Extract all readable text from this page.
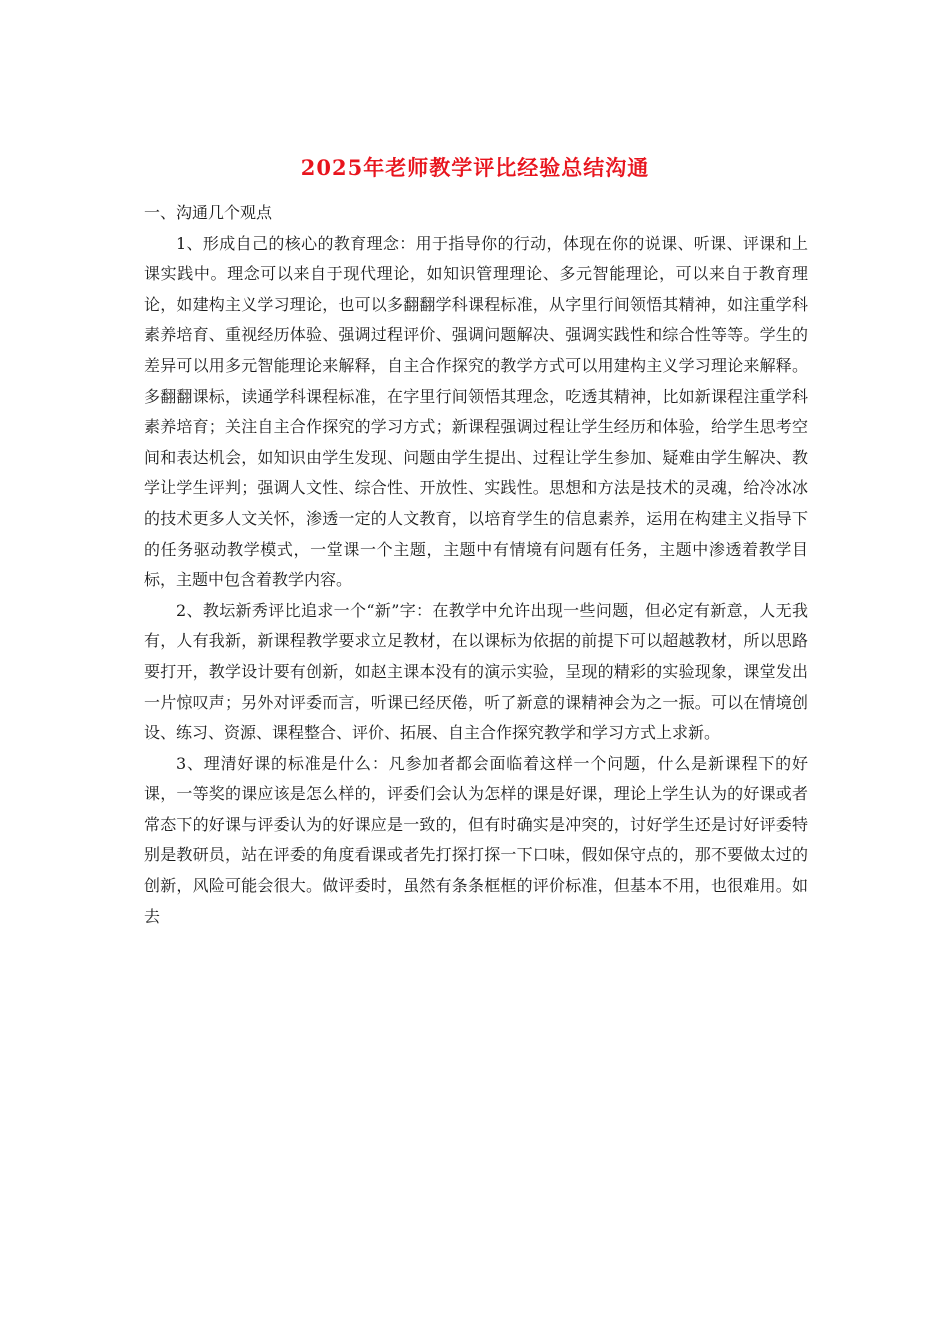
2025年老师教学评比经验总结沟通

一、沟通几个观点

1、形成自己的核心的教育理念：用于指导你的行动，体现在你的说课、听课、评课和上课实践中。理念可以来自于现代理论，如知识管理理论、多元智能理论，可以来自于教育理论，如建构主义学习理论，也可以多翻翻学科课程标准，从字里行间领悟其精神，如注重学科素养培育、重视经历体验、强调过程评价、强调问题解决、强调实践性和综合性等等。学生的差异可以用多元智能理论来解释，自主合作探究的教学方式可以用建构主义学习理论来解释。多翻翻课标，读通学科课程标准，在字里行间领悟其理念，吃透其精神，比如新课程注重学科素养培育；关注自主合作探究的学习方式；新课程强调过程让学生经历和体验，给学生思考空间和表达机会，如知识由学生发现、问题由学生提出、过程让学生参加、疑难由学生解决、教学让学生评判；强调人文性、综合性、开放性、实践性。思想和方法是技术的灵魂，给冷冰冰的技术更多人文关怀，渗透一定的人文教育，以培育学生的信息素养，运用在构建主义指导下的任务驱动教学模式，一堂课一个主题，主题中有情境有问题有任务，主题中渗透着教学目标，主题中包含着教学内容。

2、教坛新秀评比追求一个“新”字：在教学中允许出现一些问题，但必定有新意，人无我有，人有我新，新课程教学要求立足教材，在以课标为依据的前提下可以超越教材，所以思路要打开，教学设计要有创新，如赵主课本没有的演示实验，呈现的精彩的实验现象，课堂发出一片惊叹声；另外对评委而言，听课已经厌倦，听了新意的课精神会为之一振。可以在情境创设、练习、资源、课程整合、评价、拓展、自主合作探究教学和学习方式上求新。

3、理清好课的标准是什么：凡参加者都会面临着这样一个问题，什么是新课程下的好课，一等奖的课应该是怎么样的，评委们会认为怎样的课是好课，理论上学生认为的好课或者常态下的好课与评委认为的好课应是一致的，但有时确实是冲突的，讨好学生还是讨好评委特别是教研员，站在评委的角度看课或者先打探打探一下口味，假如保守点的，那不要做太过的创新，风险可能会很大。做评委时，虽然有条条框框的评价标准，但基本不用，也很难用。如去
